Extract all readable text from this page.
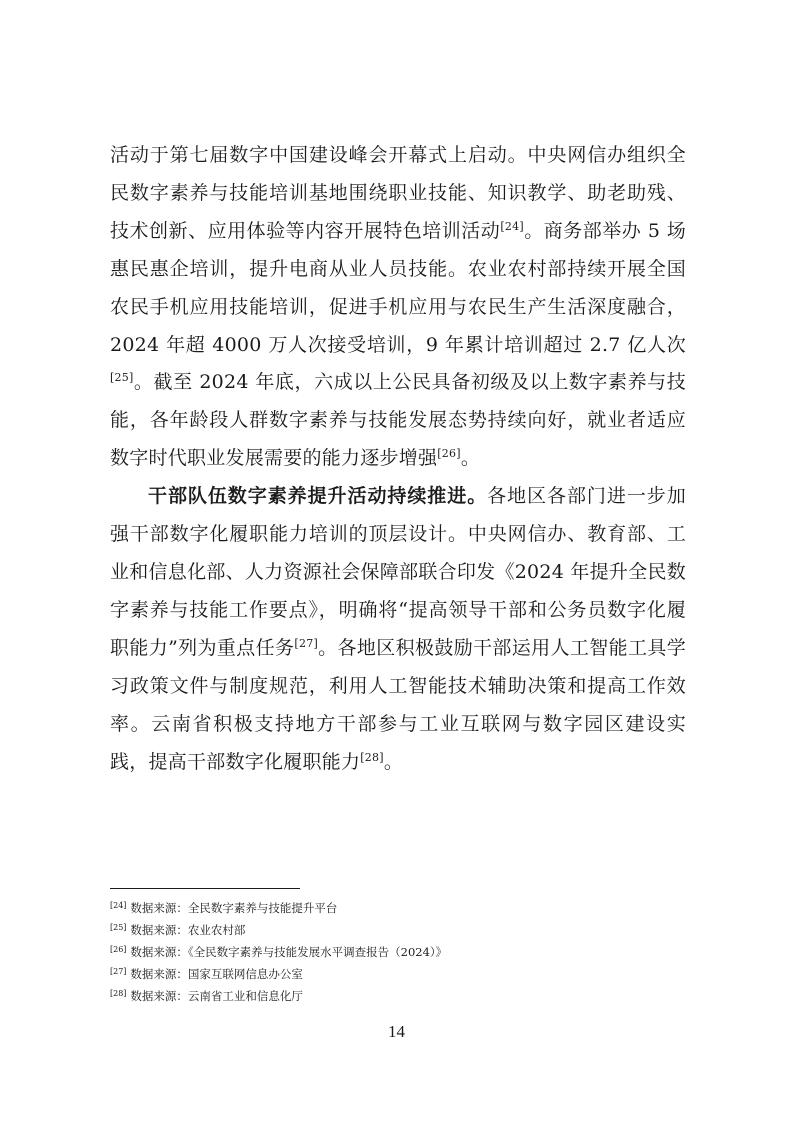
活动于第七届数字中国建设峰会开幕式上启动。中央网信办组织全民数字素养与技能培训基地围绕职业技能、知识教学、助老助残、技术创新、应用体验等内容开展特色培训活动[24]。商务部举办 5 场惠民惠企培训，提升电商从业人员技能。农业农村部持续开展全国农民手机应用技能培训，促进手机应用与农民生产生活深度融合，2024 年超 4000 万人次接受培训，9 年累计培训超过 2.7 亿人次[25]。截至 2024 年底，六成以上公民具备初级及以上数字素养与技能，各年龄段人群数字素养与技能发展态势持续向好，就业者适应数字时代职业发展需要的能力逐步增强[26]。

干部队伍数字素养提升活动持续推进。各地区各部门进一步加强干部数字化履职能力培训的顶层设计。中央网信办、教育部、工业和信息化部、人力资源社会保障部联合印发《2024 年提升全民数字素养与技能工作要点》，明确将“提高领导干部和公务员数字化履职能力”列为重点任务[27]。各地区积极鼓励干部运用人工智能工具学习政策文件与制度规范，利用人工智能技术辅助决策和提高工作效率。云南省积极支持地方干部参与工业互联网与数字园区建设实践，提高干部数字化履职能力[28]。

[24] 数据来源：全民数字素养与技能提升平台
[25] 数据来源：农业农村部
[26] 数据来源：《全民数字素养与技能发展水平调查报告（2024）》
[27] 数据来源：国家互联网信息办公室
[28] 数据来源：云南省工业和信息化厅
14
